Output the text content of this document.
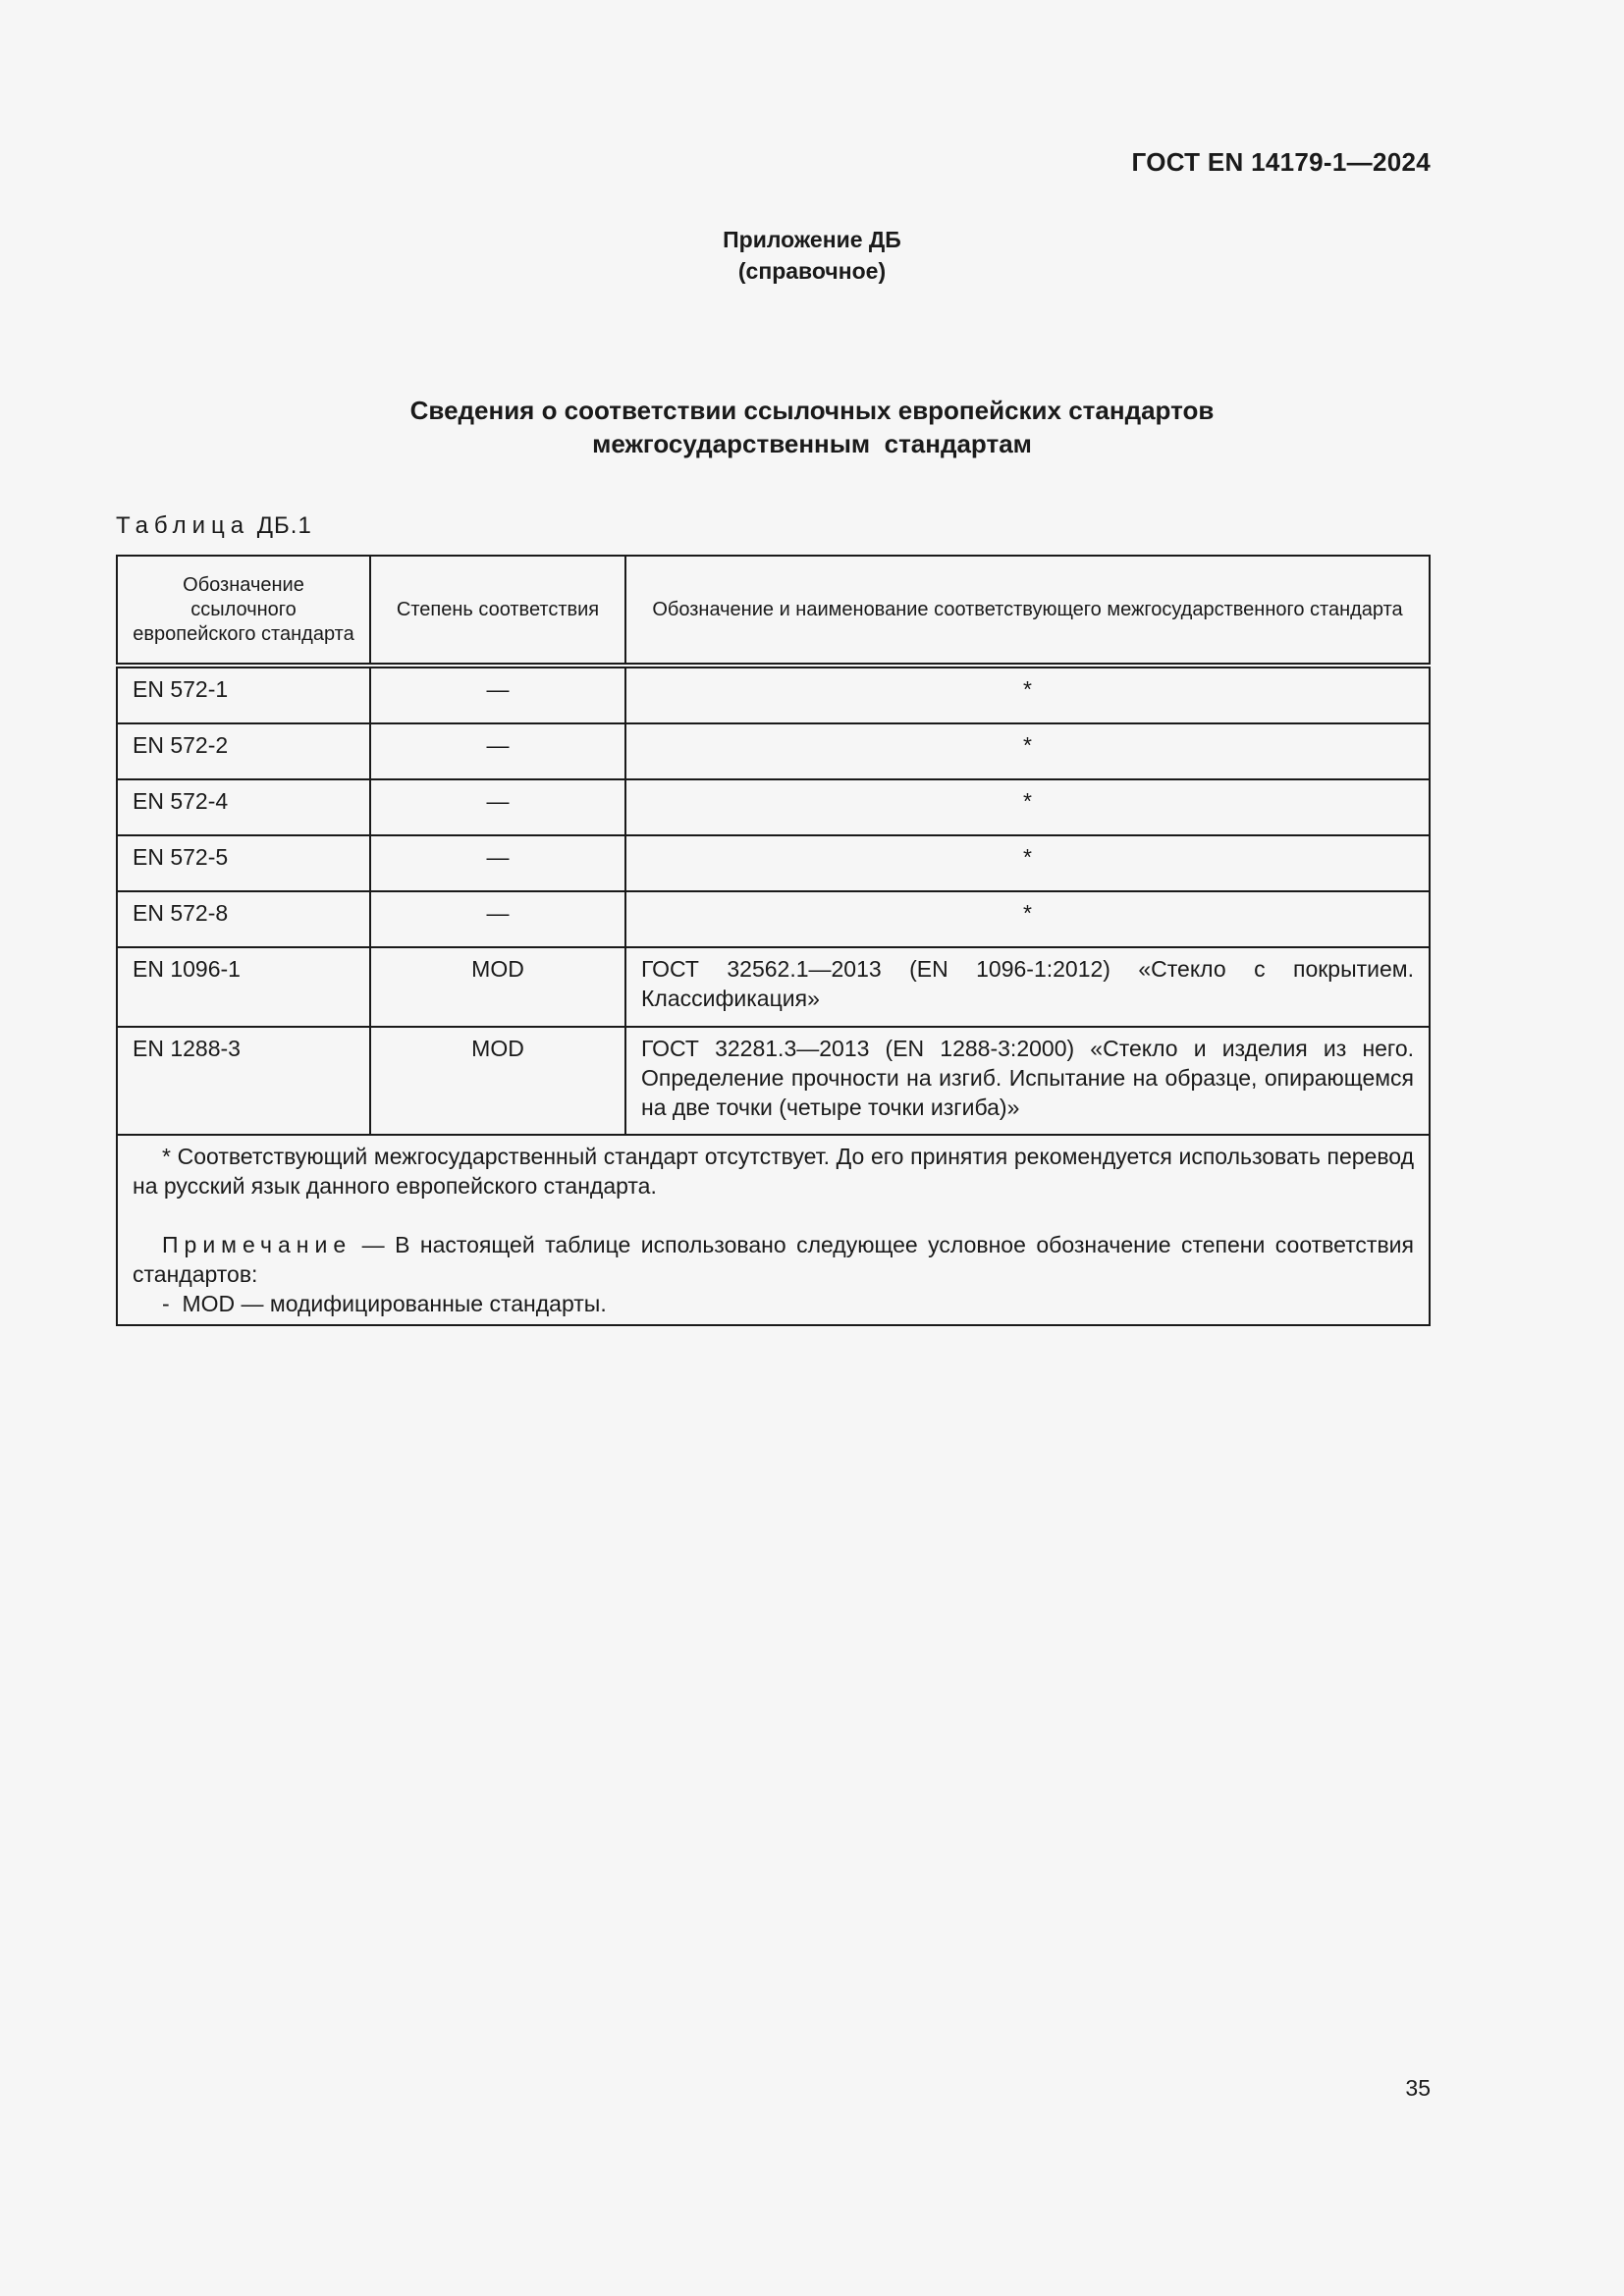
ГОСТ EN 14179-1—2024
Приложение ДБ
(справочное)
Сведения о соответствии ссылочных европейских стандартов
межгосударственным  стандартам
Таблица ДБ.1
Обозначение ссылочного европейского стандарта	Степень соответствия	Обозначение и наименование соответствующего межгосударственного стандарта
EN 572-1	—	*
EN 572-2	—	*
EN 572-4	—	*
EN 572-5	—	*
EN 572-8	—	*
EN 1096-1	MOD	ГОСТ 32562.1—2013 (EN 1096-1:2012) «Стекло с покрытием. Классификация»
EN 1288-3	MOD	ГОСТ 32281.3—2013 (EN 1288-3:2000) «Стекло и изделия из него. Определение прочности на изгиб. Испытание на образце, опирающемся на две точки (четыре точки изгиба)»

* Соответствующий межгосударственный стандарт отсутствует. До его принятия рекомендуется использовать перевод на русский язык данного европейского стандарта.

Примечание — В настоящей таблице использовано следующее условное обозначение степени соответствия стандартов:

-  MOD — модифицированные стандарты.		

35
